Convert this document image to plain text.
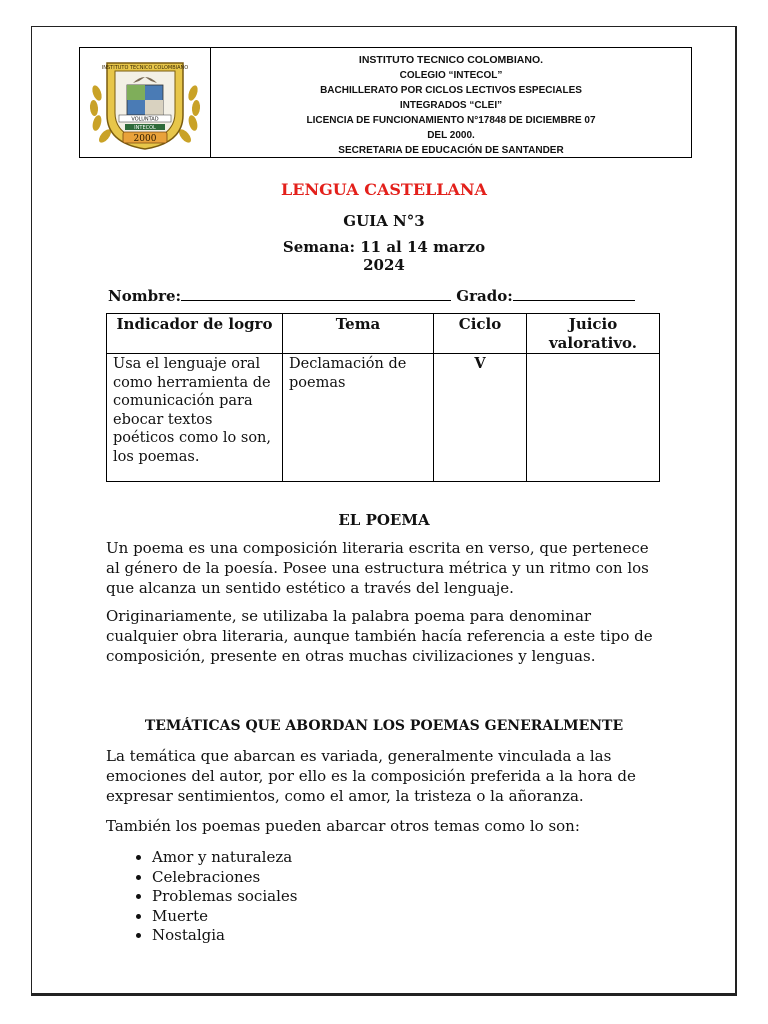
INSTITUTO TECNICO COLOMBIANO
VOLUNTAD
INTECOL
2000
INSTITUTO TECNICO COLOMBIANO.
COLEGIO “INTECOL”
BACHILLERATO POR CICLOS LECTIVOS ESPECIALES
INTEGRADOS “CLEI”
LICENCIA DE FUNCIONAMIENTO N°17848 DE DICIEMBRE 07
DEL 2000.
SECRETARIA DE EDUCACIÓN DE SANTANDER
LENGUA CASTELLANA
GUIA N°3
Semana: 11 al 14 marzo
2024
Nombre:	Grado:
Indicador de logro	Tema	Ciclo	Juicio valorativo.
Usa el lenguaje oral como herramienta de comunicación para ebocar textos poéticos como lo son, los poemas.	Declamación de poemas	V	
EL POEMA

Un poema es una composición literaria escrita en verso, que pertenece al género de la poesía. Posee una estructura métrica y un ritmo con los que alcanza un sentido estético a través del lenguaje.

Originariamente, se utilizaba la palabra poema para denominar cualquier obra literaria, aunque también hacía referencia a este tipo de composición, presente en otras muchas civilizaciones y lenguas.

TEMÁTICAS QUE ABORDAN LOS POEMAS GENERALMENTE

La temática que abarcan es variada, generalmente vinculada a las emociones del autor, por ello es la composición preferida a la hora de expresar sentimientos, como el amor, la tristeza o la añoranza.

También los poemas pueden abarcar otros temas como lo son:

• Amor y naturaleza
• Celebraciones
• Problemas sociales
• Muerte
• Nostalgia
